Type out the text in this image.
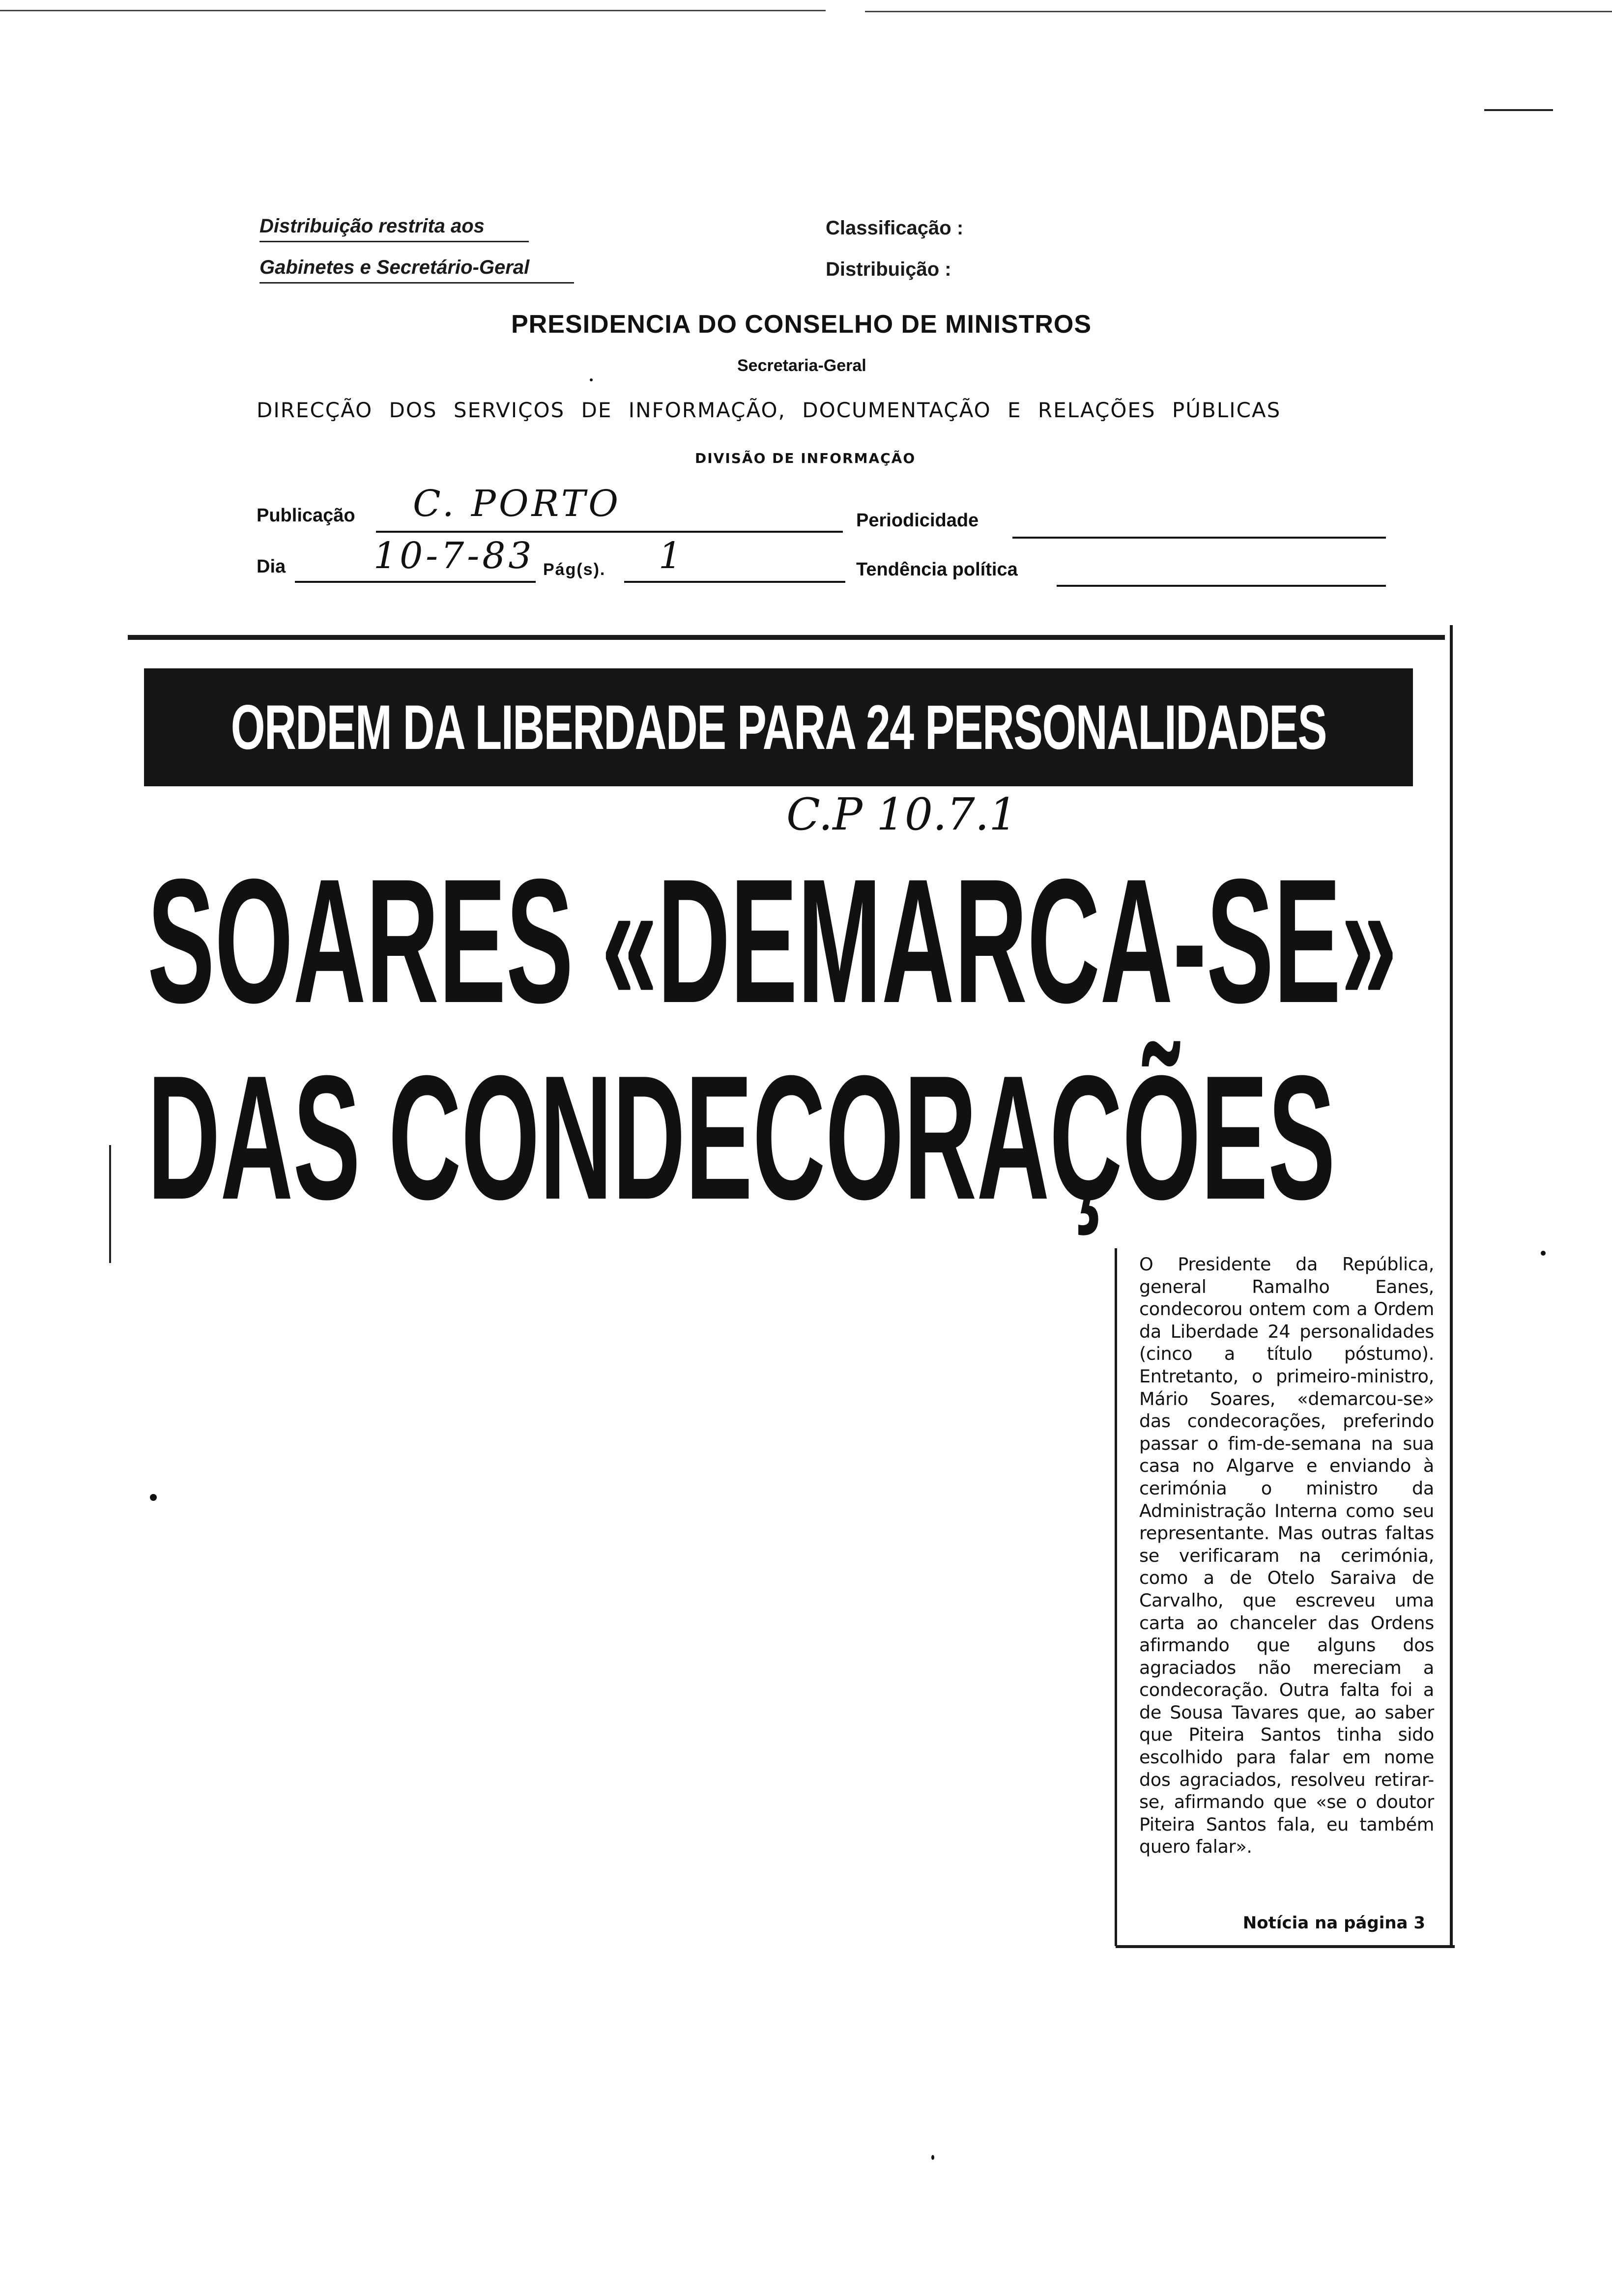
Distribuição restrita aos
Gabinetes e Secretário-Geral
Classificação :
Distribuição :
PRESIDENCIA DO CONSELHO DE MINISTROS
Secretaria-Geral
DIRECÇÃO DOS SERVIÇOS DE INFORMAÇÃO, DOCUMENTAÇÃO E RELAÇÕES PÚBLICAS
DIVISÃO DE INFORMAÇÃO
Publicação C. PORTO	Periodicidade
Dia 10-7-83 Pág(s). 1	Tendência política
ORDEM DA LIBERDADE PARA 24 PERSONALIDADES
C.P 10.7.1
SOARES «DEMARCA-SE»
DAS CONDECORAÇÕES
O Presidente da República, general Ramalho Eanes, condecorou ontem com a Ordem da Liberdade 24 personalidades (cinco a título póstumo). Entretanto, o primeiro-ministro, Mário Soares, «demarcou-se» das condecorações, preferindo passar o fim-de-semana na sua casa no Algarve e enviando à cerimónia o ministro da Administração Interna como seu representante. Mas outras faltas se verificaram na cerimónia, como a de Otelo Saraiva de Carvalho, que escreveu uma carta ao chanceler das Ordens afirmando que alguns dos agraciados não mereciam a condecoração. Outra falta foi a de Sousa Tavares que, ao saber que Piteira Santos tinha sido escolhido para falar em nome dos agraciados, resolveu retirar-se, afirmando que «se o doutor Piteira Santos fala, eu também quero falar».
Notícia na página 3
